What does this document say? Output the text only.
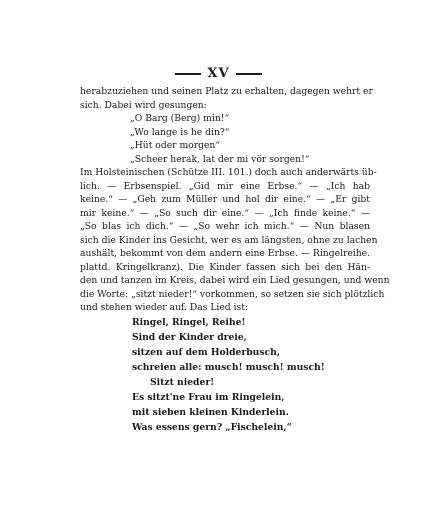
XV
herabzuziehen und seinen Platz zu erhalten, dagegen wehrt er
sich. Dabei wird gesungen:
„O Barg (Berg) min!“
„Wo lange is he din?“
„Hüt oder morgen“
„Scheer herak, lat der mi vör sorgen!“
Im Holsteinischen (Schütze III. 101.) doch auch anderwärts üb-
lich. — Erbsenspiel. „Gid mir eine Erbse.“ — „Ich hab
keine.“ — „Geh zum Müller und hol dir eine.“ — „Er gibt
mir keine.“ — „So such dir eine.“ — „Ich finde keine.“ —
„So blas ich dich.“ — „So wehr ich mich.“ — Nun blasen
sich die Kinder ins Gesicht, wer es am längsten, ohne zu lachen
aushält, bekommt von dem andern eine Erbse. — Ringelreihe.
plattd. Kringelkranz). Die Kinder fassen sich bei den Hän-
den und tanzen im Kreis, dabei wird ein Lied gesungen, und wenn
die Worte: „sitzt nieder!“ vorkommen, so setzen sie sich plötzlich
und stehen wieder auf. Das Lied ist:
Ringel, Ringel, Reihe!
Sind der Kinder dreie,
sitzen auf dem Holderbusch,
schreien alle: musch! musch! musch!
Sitzt nieder!
Es sitzt'ne Frau im Ringelein,
mit sieben kleinen Kinderlein.
Was essens gern? „Fischelein,“
